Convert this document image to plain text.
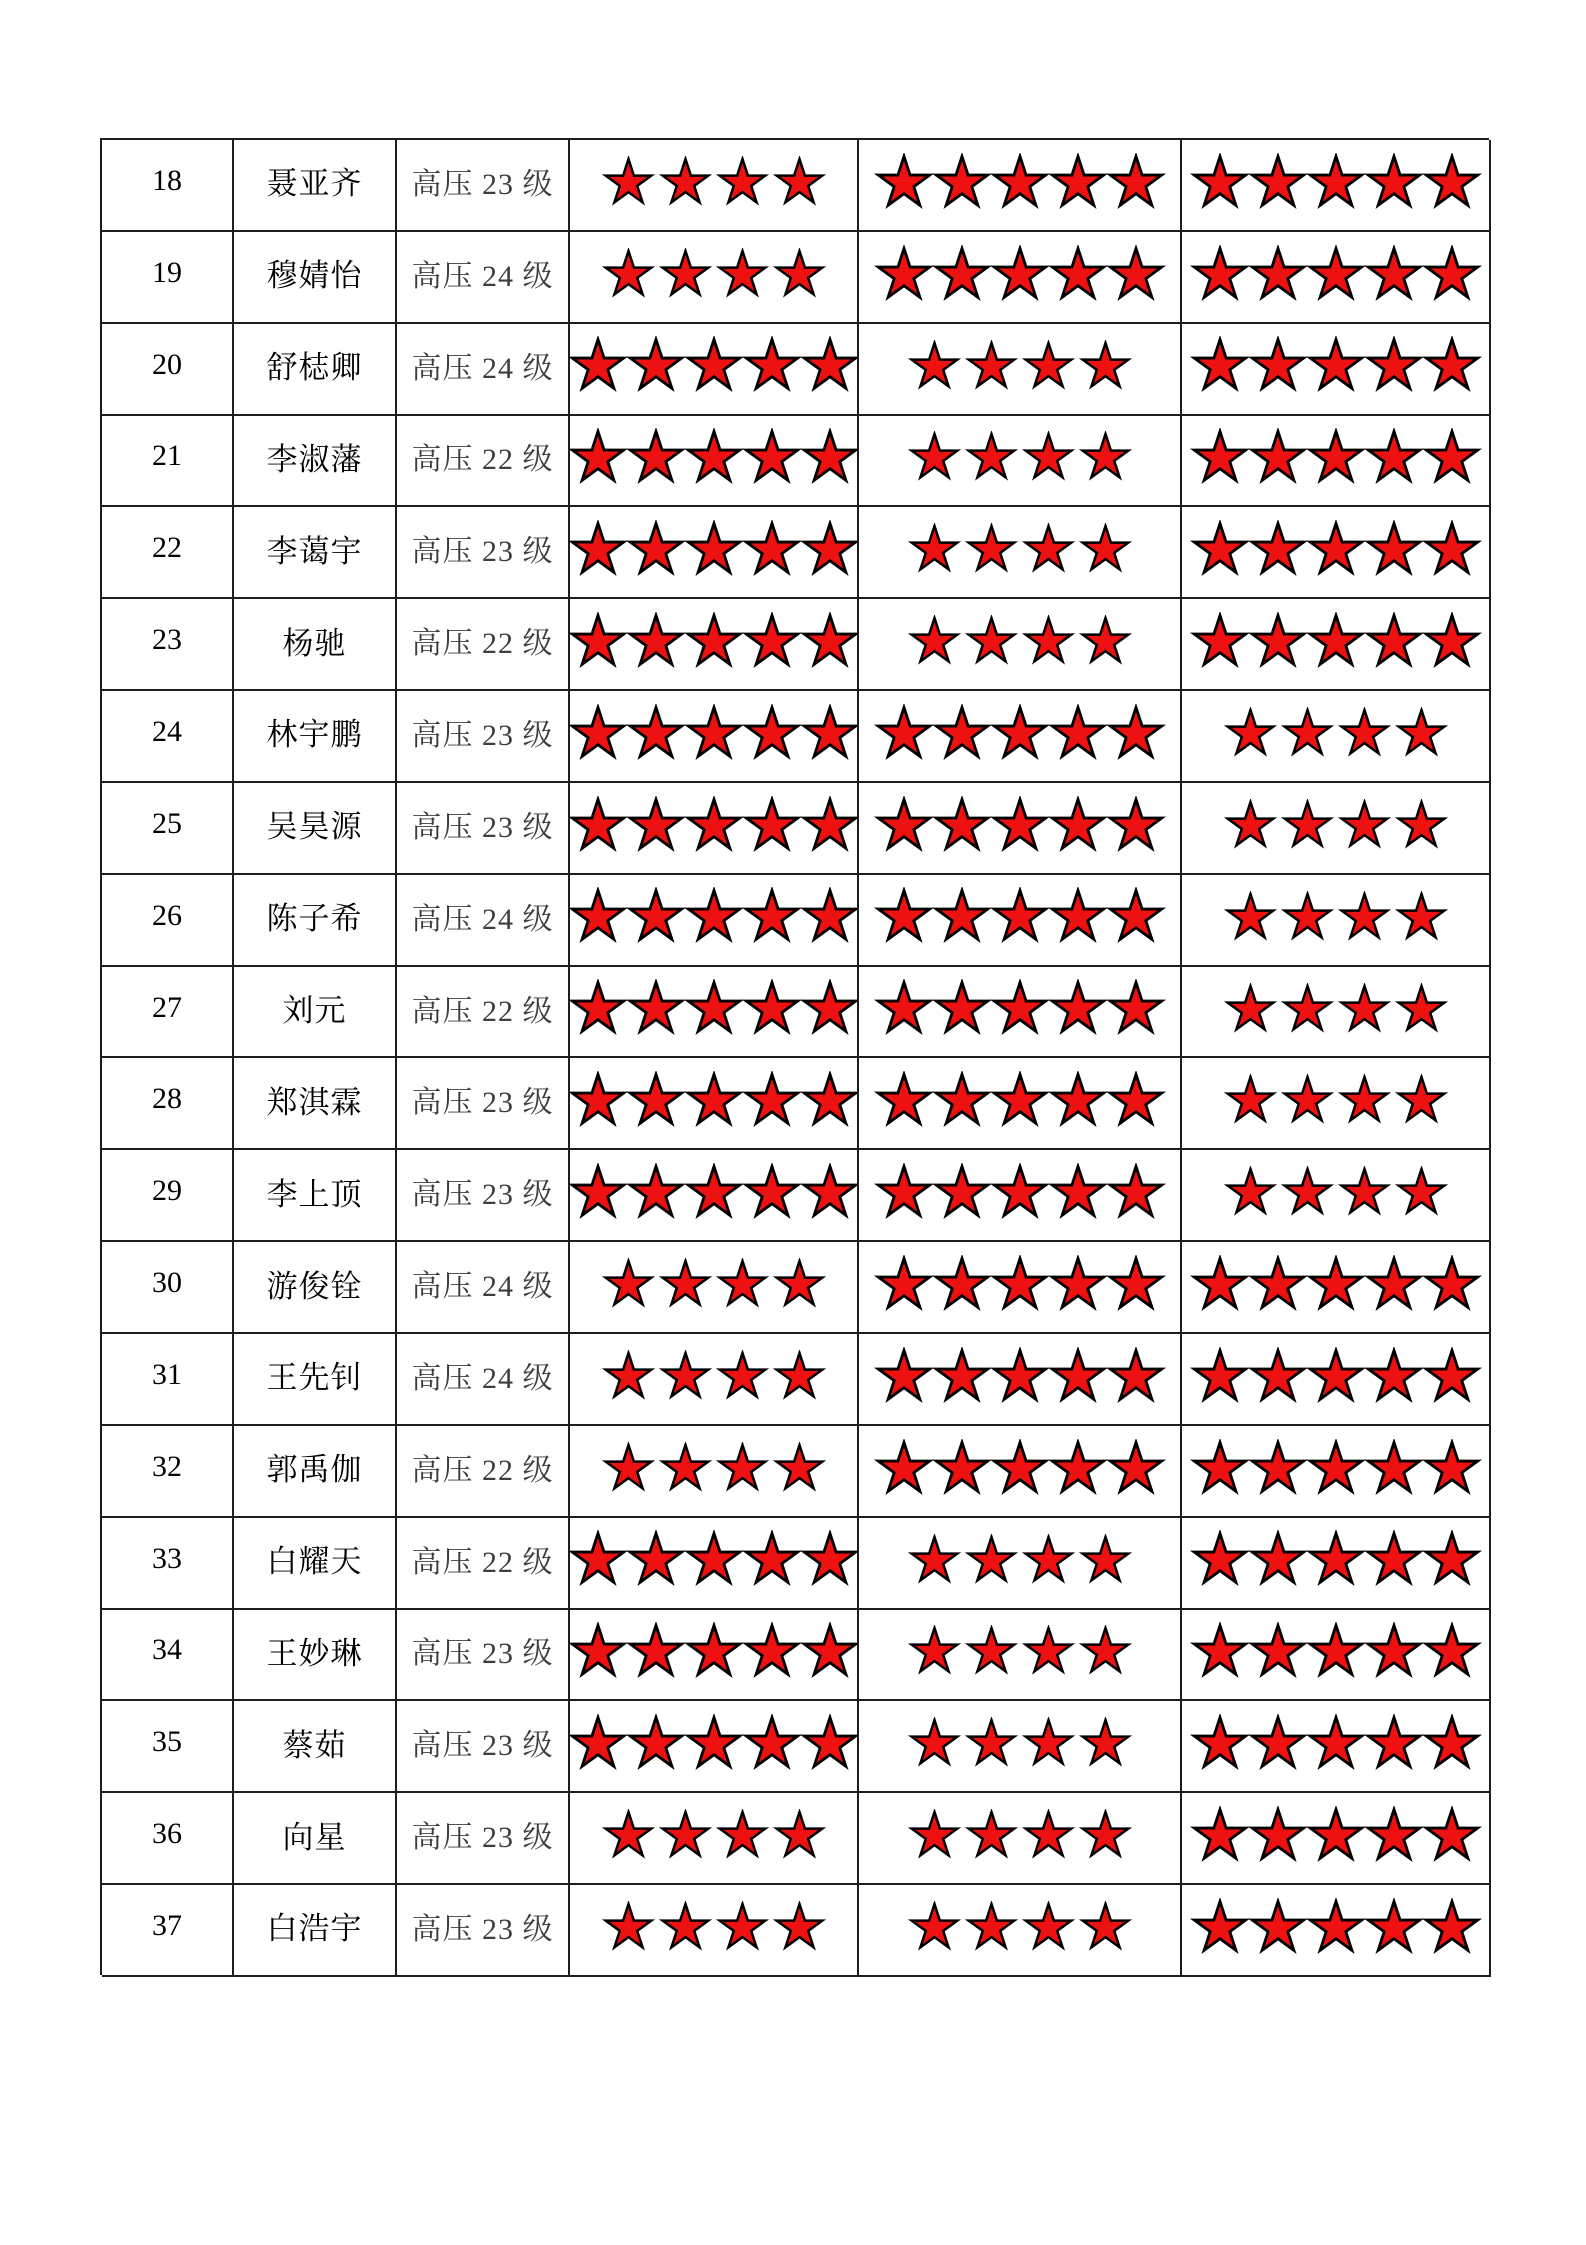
18	聂亚齐	高压 23 级
19	穆婧怡	高压 24 级
20	舒梽卿	高压 24 级
21	李淑藩	高压 22 级
22	李蔼宇	高压 23 级
23	杨驰	高压 22 级
24	林宇鹏	高压 23 级
25	吴昊源	高压 23 级
26	陈子希	高压 24 级
27	刘元	高压 22 级
28	郑淇霖	高压 23 级
29	李上顶	高压 23 级
30	游俊铨	高压 24 级
31	王先钊	高压 24 级
32	郭禹伽	高压 22 级
33	白耀天	高压 22 级
34	王妙琳	高压 23 级
35	蔡茹	高压 23 级
36	向星	高压 23 级
37	白浩宇	高压 23 级
